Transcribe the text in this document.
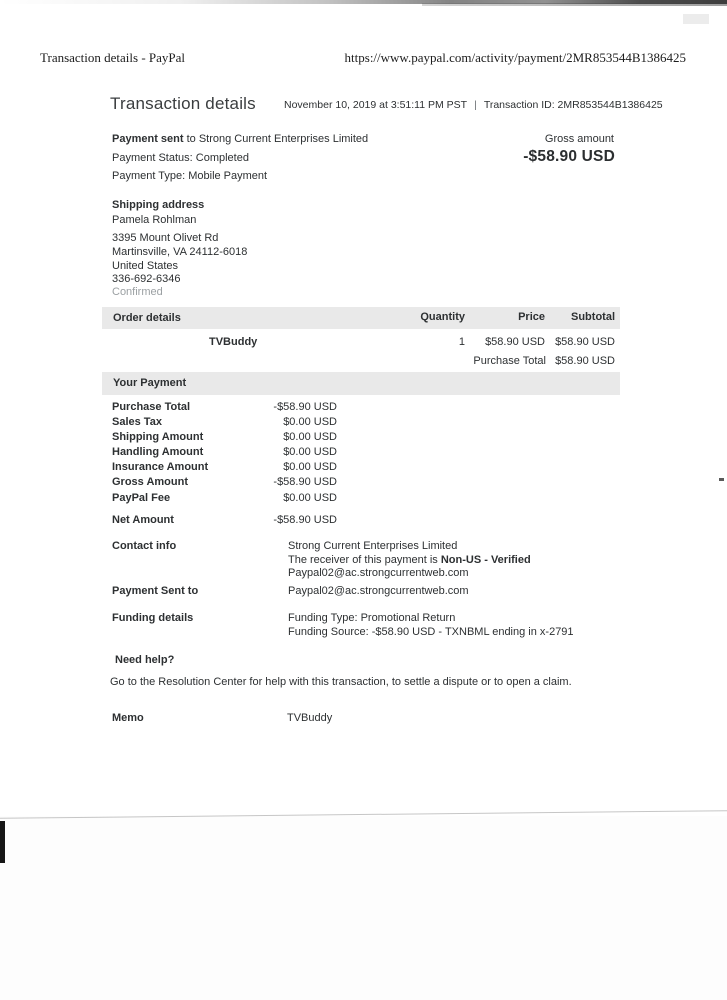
Transaction details - PayPal	https://www.paypal.com/activity/payment/2MR853544B1386425
Transaction details	November 10, 2019 at 3:51:11 PM PST | Transaction ID: 2MR853544B1386425
Payment sent to Strong Current Enterprises Limited
Payment Status: Completed
Payment Type: Mobile Payment
Gross amount
-$58.90 USD
Shipping address
Pamela Rohlman
3395 Mount Olivet Rd
Martinsville, VA 24112-6018
United States
336-692-6346
Confirmed
Order details	Quantity	Price Subtotal
TVBuddy	1 $58.90 USD $58.90 USD
Purchase Total $58.90 USD
Your Payment
Purchase Total	-$58.90 USD
Sales Tax	$0.00 USD
Shipping Amount	$0.00 USD
Handling Amount	$0.00 USD
Insurance Amount	$0.00 USD
Gross Amount	-$58.90 USD
PayPal Fee	$0.00 USD
Net Amount	-$58.90 USD
Contact info	Strong Current Enterprises Limited
The receiver of this payment is Non-US - Verified
Paypal02@ac.strongcurrentweb.com
Payment Sent to	Paypal02@ac.strongcurrentweb.com
Funding details	Funding Type: Promotional Return
Funding Source: -$58.90 USD - TXNBML ending in x-2791
Need help?
Go to the Resolution Center for help with this transaction, to settle a dispute or to open a claim.
Memo	TVBuddy
